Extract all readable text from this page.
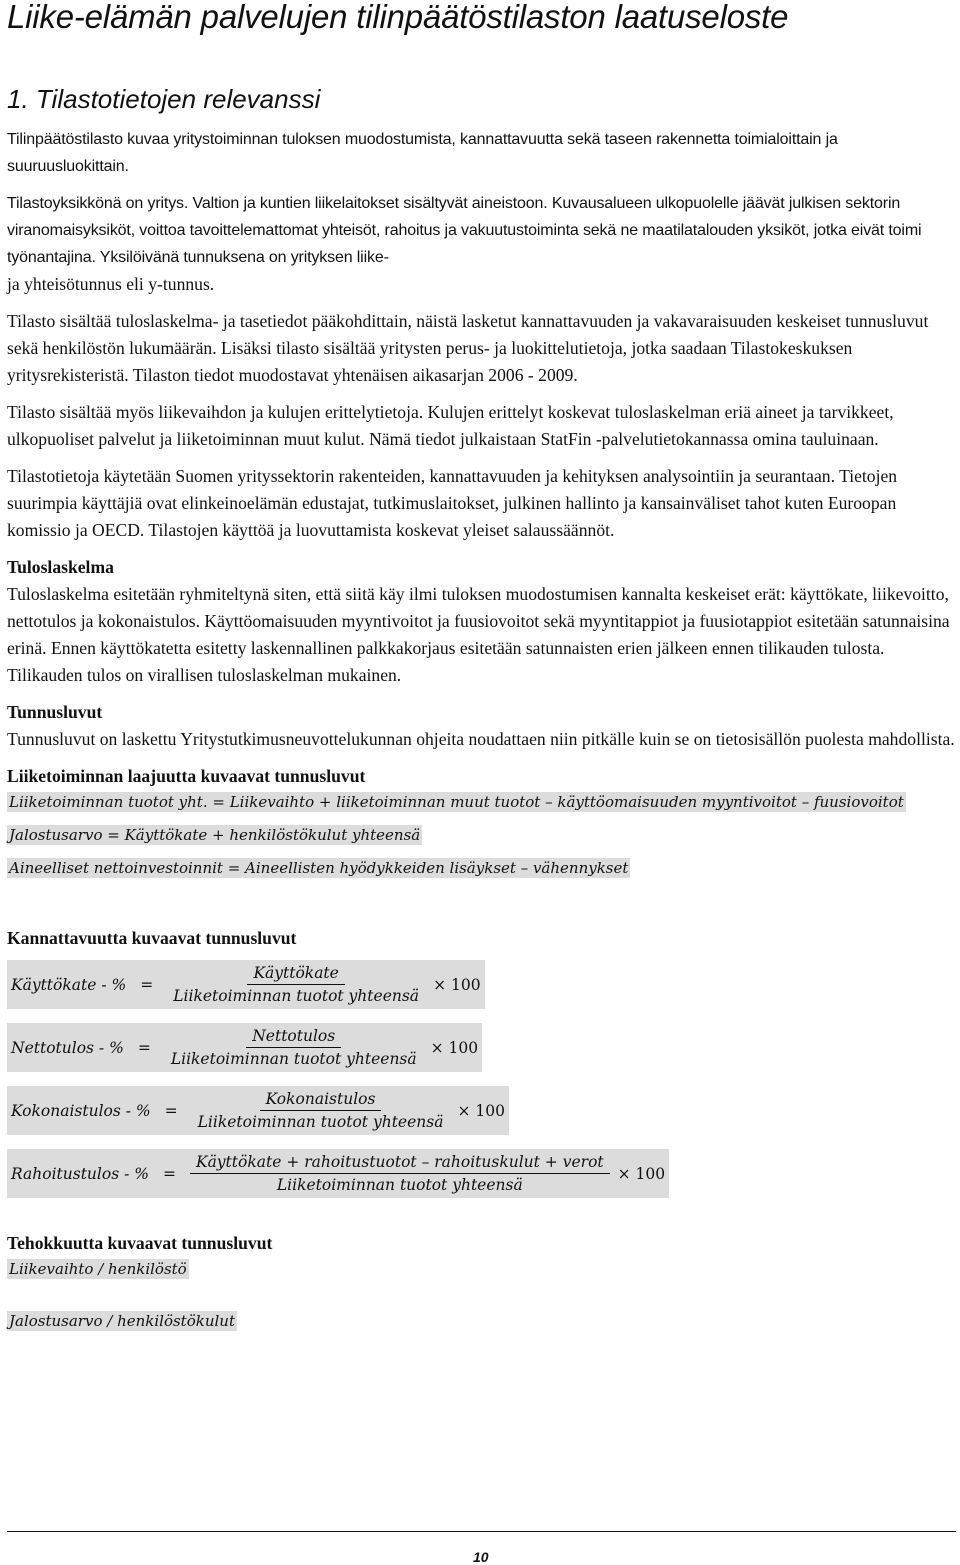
Liike-elämän palvelujen tilinpäätöstilaston laatuseloste
1. Tilastotietojen relevanssi

Tilinpäätöstilasto kuvaa yritystoiminnan tuloksen muodostumista, kannattavuutta sekä taseen rakennetta toimialoittain ja suuruusluokittain.

Tilastoyksikkönä on yritys. Valtion ja kuntien liikelaitokset sisältyvät aineistoon. Kuvausalueen ulkopuolelle jäävät julkisen sektorin viranomaisyksiköt, voittoa tavoittelemattomat yhteisöt, rahoitus ja vakuutustoiminta sekä ne maatilatalouden yksiköt, jotka eivät toimi työnantajina. Yksilöivänä tunnuksena on yrityksen liike-

ja yhteisötunnus eli y-tunnus.

Tilasto sisältää tuloslaskelma- ja tasetiedot pääkohdittain, näistä lasketut kannattavuuden ja vakavaraisuuden keskeiset tunnusluvut sekä henkilöstön lukumäärän. Lisäksi tilasto sisältää yritysten perus- ja luokittelutietoja, jotka saadaan Tilastokeskuksen yritysrekisteristä. Tilaston tiedot muodostavat yhtenäisen aikasarjan 2006 - 2009.

Tilasto sisältää myös liikevaihdon ja kulujen erittelytietoja. Kulujen erittelyt koskevat tuloslaskelman eriä aineet ja tarvikkeet, ulkopuoliset palvelut ja liiketoiminnan muut kulut. Nämä tiedot julkaistaan StatFin -palvelutietokannassa omina tauluinaan.

Tilastotietoja käytetään Suomen yrityssektorin rakenteiden, kannattavuuden ja kehityksen analysointiin ja seurantaan. Tietojen suurimpia käyttäjiä ovat elinkeinoelämän edustajat, tutkimuslaitokset, julkinen hallinto ja kansainväliset tahot kuten Euroopan komissio ja OECD. Tilastojen käyttöä ja luovuttamista koskevat yleiset salaussäännöt.

Tuloslaskelma

Tuloslaskelma esitetään ryhmiteltynä siten, että siitä käy ilmi tuloksen muodostumisen kannalta keskeiset erät: käyttökate, liikevoitto, nettotulos ja kokonaistulos. Käyttöomaisuuden myyntivoitot ja fuusiovoitot sekä myyntitappiot ja fuusiotappiot esitetään satunnaisina erinä. Ennen käyttökatetta esitetty laskennallinen palkkakorjaus esitetään satunnaisten erien jälkeen ennen tilikauden tulosta. Tilikauden tulos on virallisen tuloslaskelman mukainen.

Tunnusluvut

Tunnusluvut on laskettu Yritystutkimusneuvottelukunnan ohjeita noudattaen niin pitkälle kuin se on tietosisällön puolesta mahdollista.

Liiketoiminnan laajuutta kuvaavat tunnusluvut
Liiketoiminnan tuotot yht. = Liikevaihto + liiketoiminnan muut tuotot – käyttöomaisuuden myyntivoitot – fuusiovoitot
Jalostusarvo = Käyttökate + henkilöstökulut yhteensä
Aineelliset nettoinvestoinnit = Aineellisten hyödykkeiden lisäykset – vähennykset
Kannattavuutta kuvaavat tunnusluvut
Käyttökate - % = $\frac{\text{Käyttökate}}{\text{Liiketoiminnan tuotot yhteensä}} \times 100$
Nettotulos - % = $\frac{\text{Nettotulos}}{\text{Liiketoiminnan tuotot yhteensä}} \times 100$
Kokonaistulos - % = $\frac{\text{Kokonaistulos}}{\text{Liiketoiminnan tuotot yhteensä}} \times 100$
Rahoitustulos - % = $\frac{\text{Käyttökate + rahoitustuotot – rahoituskulut + verot}}{\text{Liiketoiminnan tuotot yhteensä}} \times 100$
Tehokkuutta kuvaavat tunnusluvut
Liikevaihto / henkilöstö
Jalostusarvo / henkilöstökulut
10
